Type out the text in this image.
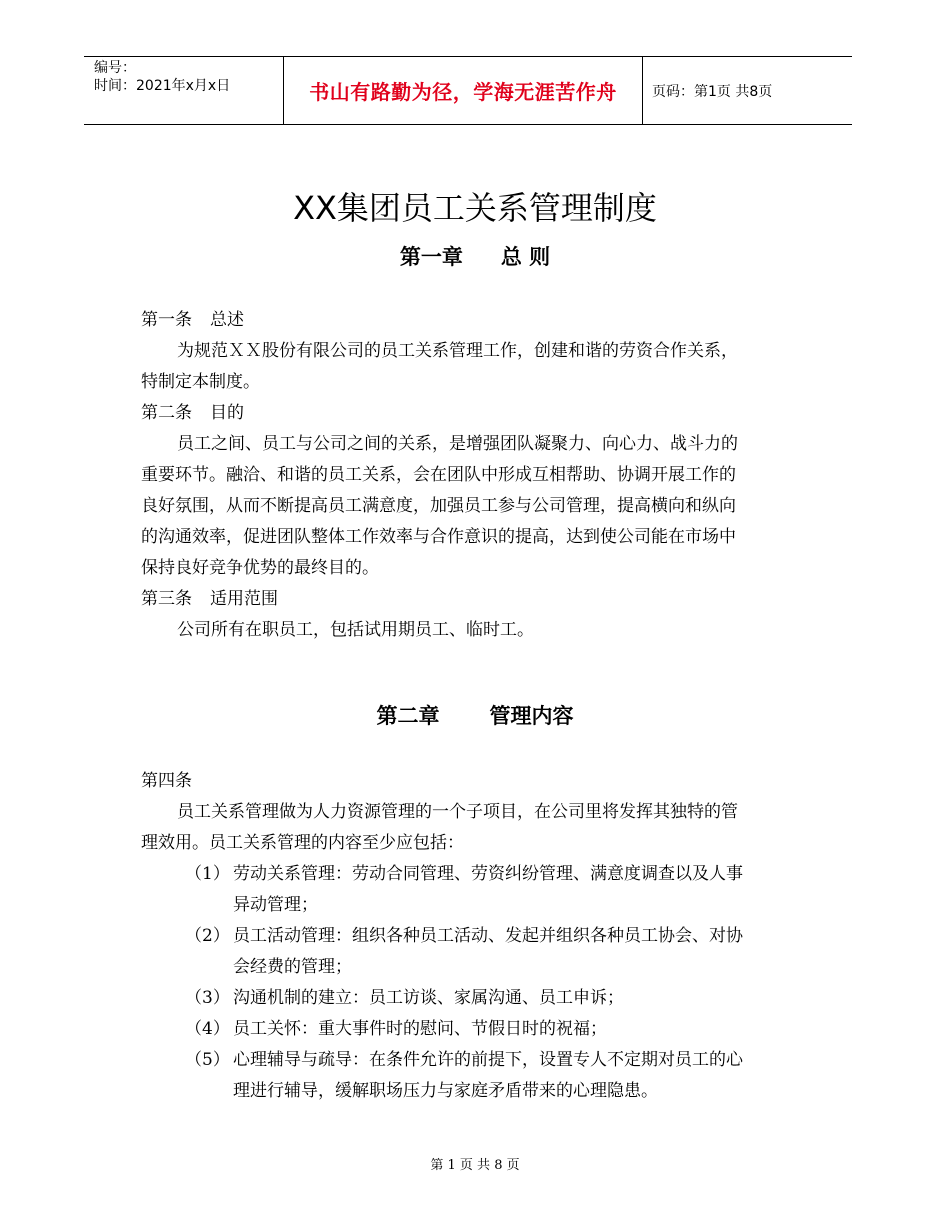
编号：
时间：2021年x月x日	书山有路勤为径，学海无涯苦作舟	页码：第1页 共8页
XX集团员工关系管理制度
第一章 总 则
第一条 总述
为规范ＸＸ股份有限公司的员工关系管理工作，创建和谐的劳资合作关系，
特制定本制度。
第二条 目的
员工之间、员工与公司之间的关系，是增强团队凝聚力、向心力、战斗力的
重要环节。融洽、和谐的员工关系，会在团队中形成互相帮助、协调开展工作的
良好氛围，从而不断提高员工满意度，加强员工参与公司管理，提高横向和纵向
的沟通效率，促进团队整体工作效率与合作意识的提高，达到使公司能在市场中
保持良好竞争优势的最终目的。
第三条 适用范围
公司所有在职员工，包括试用期员工、临时工。
第二章 管理内容
第四条
员工关系管理做为人力资源管理的一个子项目，在公司里将发挥其独特的管
理效用。员工关系管理的内容至少应包括：
（1） 劳动关系管理：劳动合同管理、劳资纠纷管理、满意度调查以及人事
异动管理；
（2） 员工活动管理：组织各种员工活动、发起并组织各种员工协会、对协
会经费的管理；
（3） 沟通机制的建立：员工访谈、家属沟通、员工申诉；
（4） 员工关怀：重大事件时的慰问、节假日时的祝福；
（5） 心理辅导与疏导：在条件允许的前提下，设置专人不定期对员工的心
理进行辅导，缓解职场压力与家庭矛盾带来的心理隐患。
第 1 页 共 8 页
